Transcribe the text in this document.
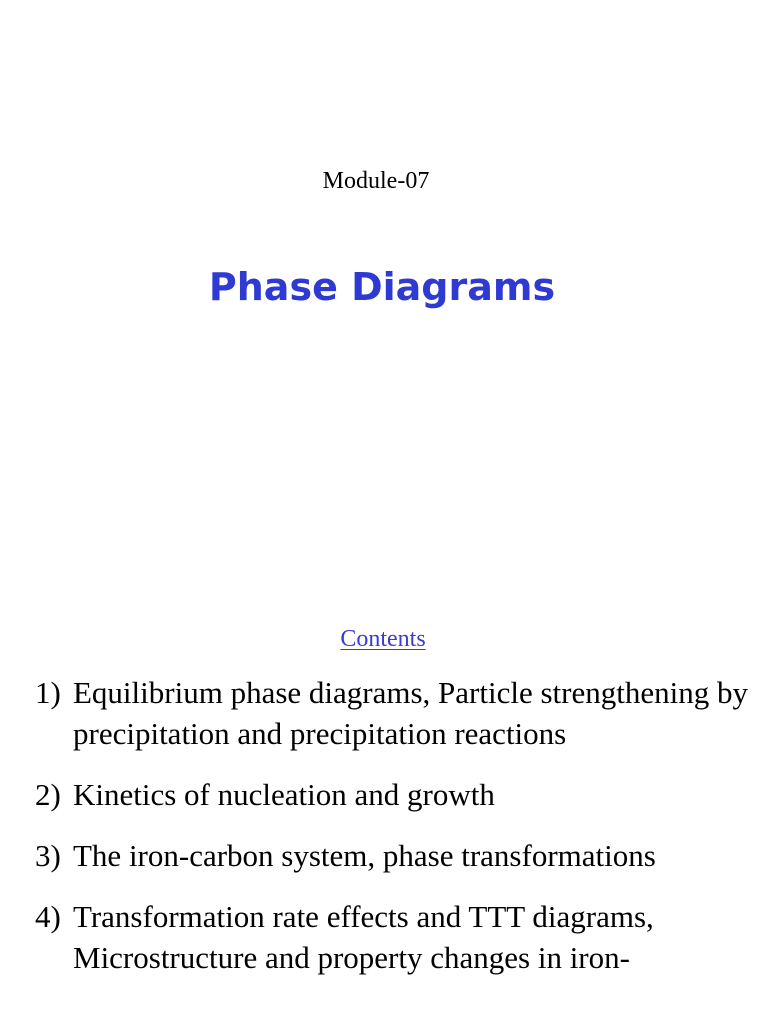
Module-07
Phase Diagrams
Contents
1) Equilibrium phase diagrams, Particle strengthening by precipitation and precipitation reactions
2) Kinetics of nucleation and growth
3) The iron-carbon system, phase transformations
4) Transformation rate effects and TTT diagrams, Microstructure and property changes in iron-
